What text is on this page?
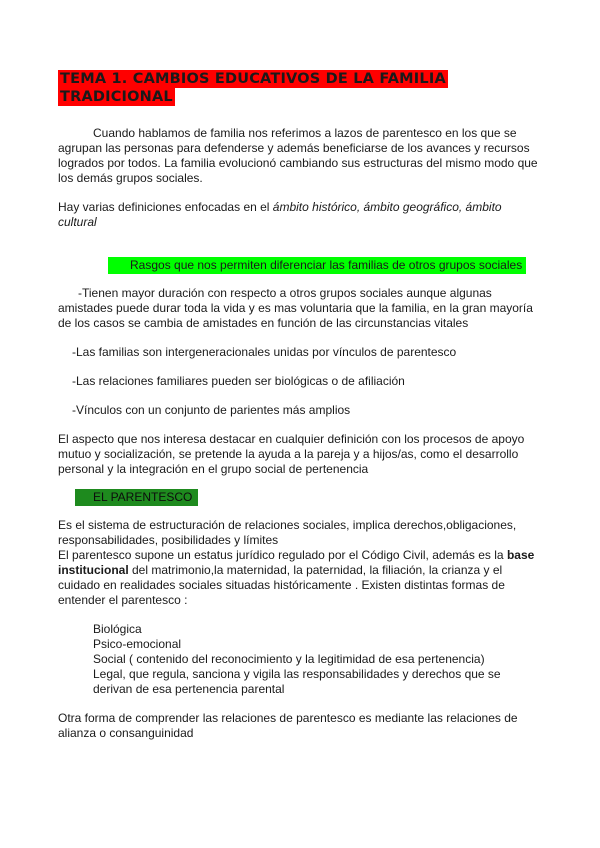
TEMA 1. CAMBIOS EDUCATIVOS DE LA FAMILIA
TRADICIONAL
Cuando hablamos de familia nos referimos a lazos de parentesco en los que se
agrupan las personas para defenderse y además beneficiarse de los avances y recursos
logrados por todos. La familia evolucionó cambiando sus estructuras del mismo modo que
los demás grupos sociales.
Hay varias definiciones enfocadas en el ámbito histórico, ámbito geográfico, ámbito
cultural
Rasgos que nos permiten diferenciar las familias de otros grupos sociales
-Tienen mayor duración con respecto a otros grupos sociales aunque algunas
amistades puede durar toda la vida y es mas voluntaria que la familia, en la gran mayoría
de los casos se cambia de amistades en función de las circunstancias vitales
-Las familias son intergeneracionales unidas por vínculos de parentesco
-Las relaciones familiares pueden ser biológicas o de afiliación
-Vínculos con un conjunto de parientes más amplios
El aspecto que nos interesa destacar en cualquier definición con los procesos de apoyo
mutuo y socialización, se pretende la ayuda a la pareja y a hijos/as, como el desarrollo
personal y la integración en el grupo social de pertenencia
EL PARENTESCO
Es el sistema de estructuración de relaciones sociales, implica derechos,obligaciones,
responsabilidades, posibilidades y límites
El parentesco supone un estatus jurídico regulado por el Código Civil, además es la base
institucional del matrimonio,la maternidad, la paternidad, la filiación, la crianza y el
cuidado en realidades sociales situadas históricamente . Existen distintas formas de
entender el parentesco :
Biológica
Psico-emocional
Social ( contenido del reconocimiento y la legitimidad de esa pertenencia)
Legal, que regula, sanciona y vigila las responsabilidades y derechos que se
derivan de esa pertenencia parental
Otra forma de comprender las relaciones de parentesco es mediante las relaciones de
alianza o consanguinidad
